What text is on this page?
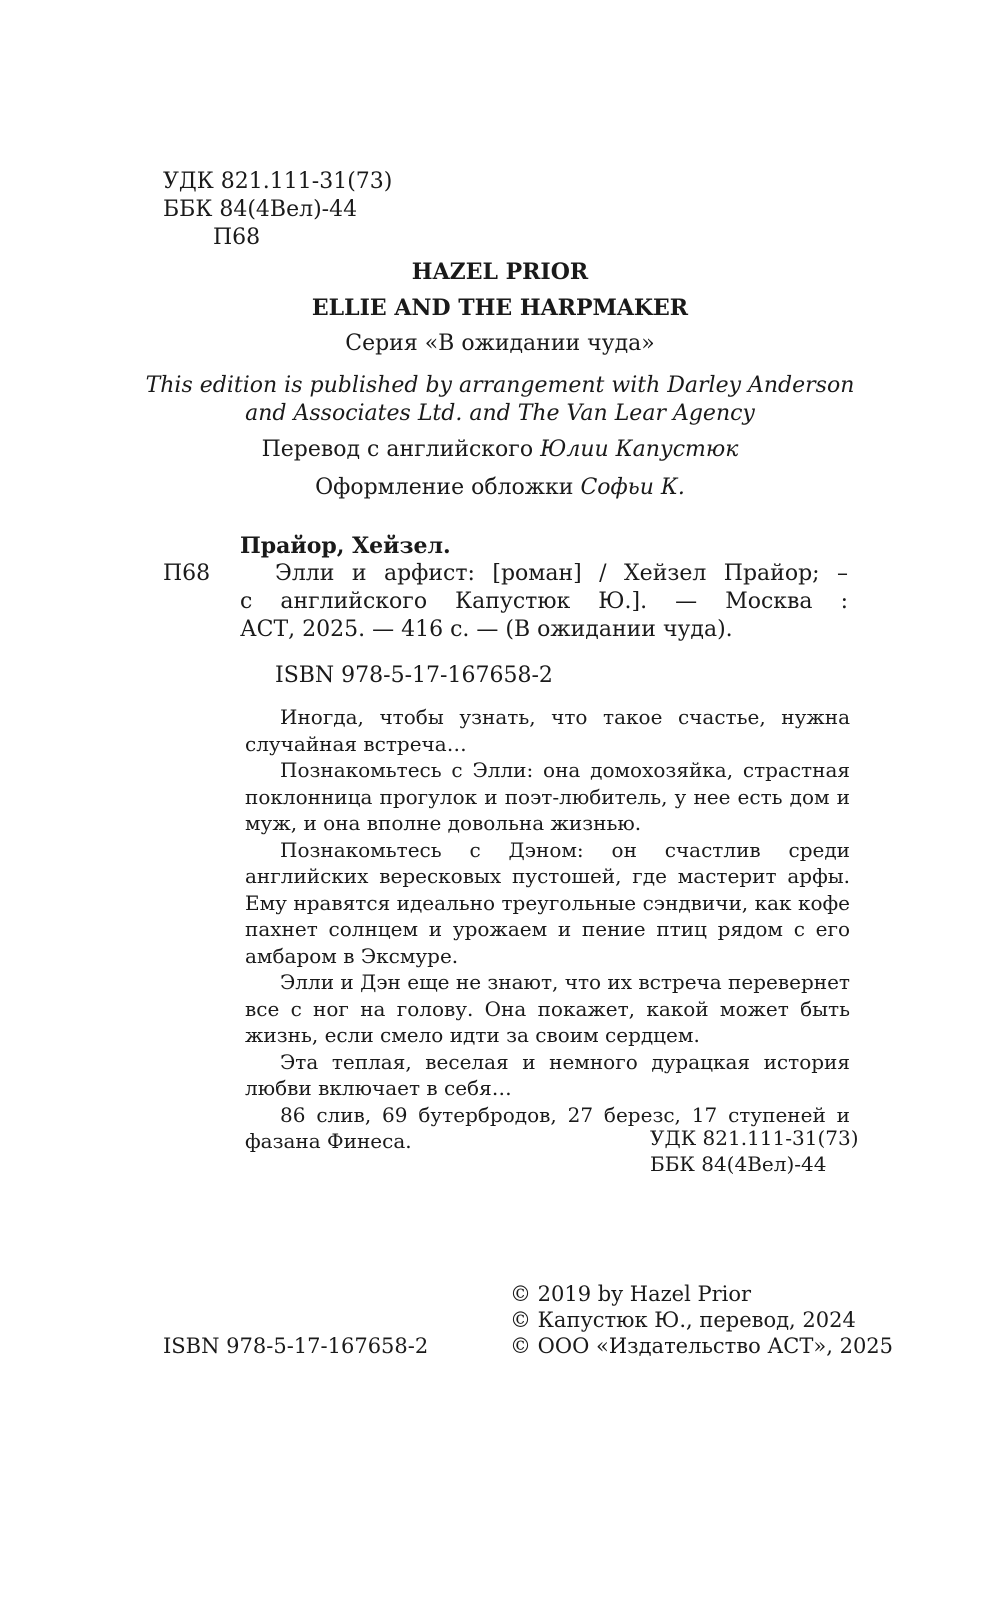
УДК 821.111-31(73)
ББК 84(4Вел)-44
П68
HAZEL PRIOR
ELLIE AND THE HARPMAKER
Серия «В ожидании чуда»
This edition is published by arrangement with Darley Anderson
and Associates Ltd. and The Van Lear Agency
Перевод с английского Юлии Капустюк
Оформление обложки Софьи К.
Прайор, Хейзел.
П68	Элли и арфист: [роман] / Хейзел Прайор; –
с английского Капустюк Ю.]. — Москва :
АСТ, 2025. — 416 с. — (В ожидании чуда).
ISBN 978-5-17-167658-2

Иногда, чтобы узнать, что такое счастье, нужна случайная встреча…

Познакомьтесь с Элли: она домохозяйка, страстная поклонница прогулок и поэт-любитель, у нее есть дом и муж, и она вполне довольна жизнью.

Познакомьтесь с Дэном: он счастлив среди английских вересковых пустошей, где мастерит арфы. Ему нравятся идеально треугольные сэндвичи, как кофе пахнет солнцем и урожаем и пение птиц рядом с его амбаром в Эксмуре.

Элли и Дэн еще не знают, что их встреча перевернет все с ног на голову. Она покажет, какой может быть жизнь, если смело идти за своим сердцем.

Эта теплая, веселая и немного дурацкая история любви включает в себя…

86 слив, 69 бутербродов, 27 березс, 17 ступеней и фазана Финеса.	УДК 821.111-31(73)
ББК 84(4Вел)-44
© 2019 by Hazel Prior
© Капустюк Ю., перевод, 2024
ISBN 978-5-17-167658-2	© ООО «Издательство АСТ», 2025
